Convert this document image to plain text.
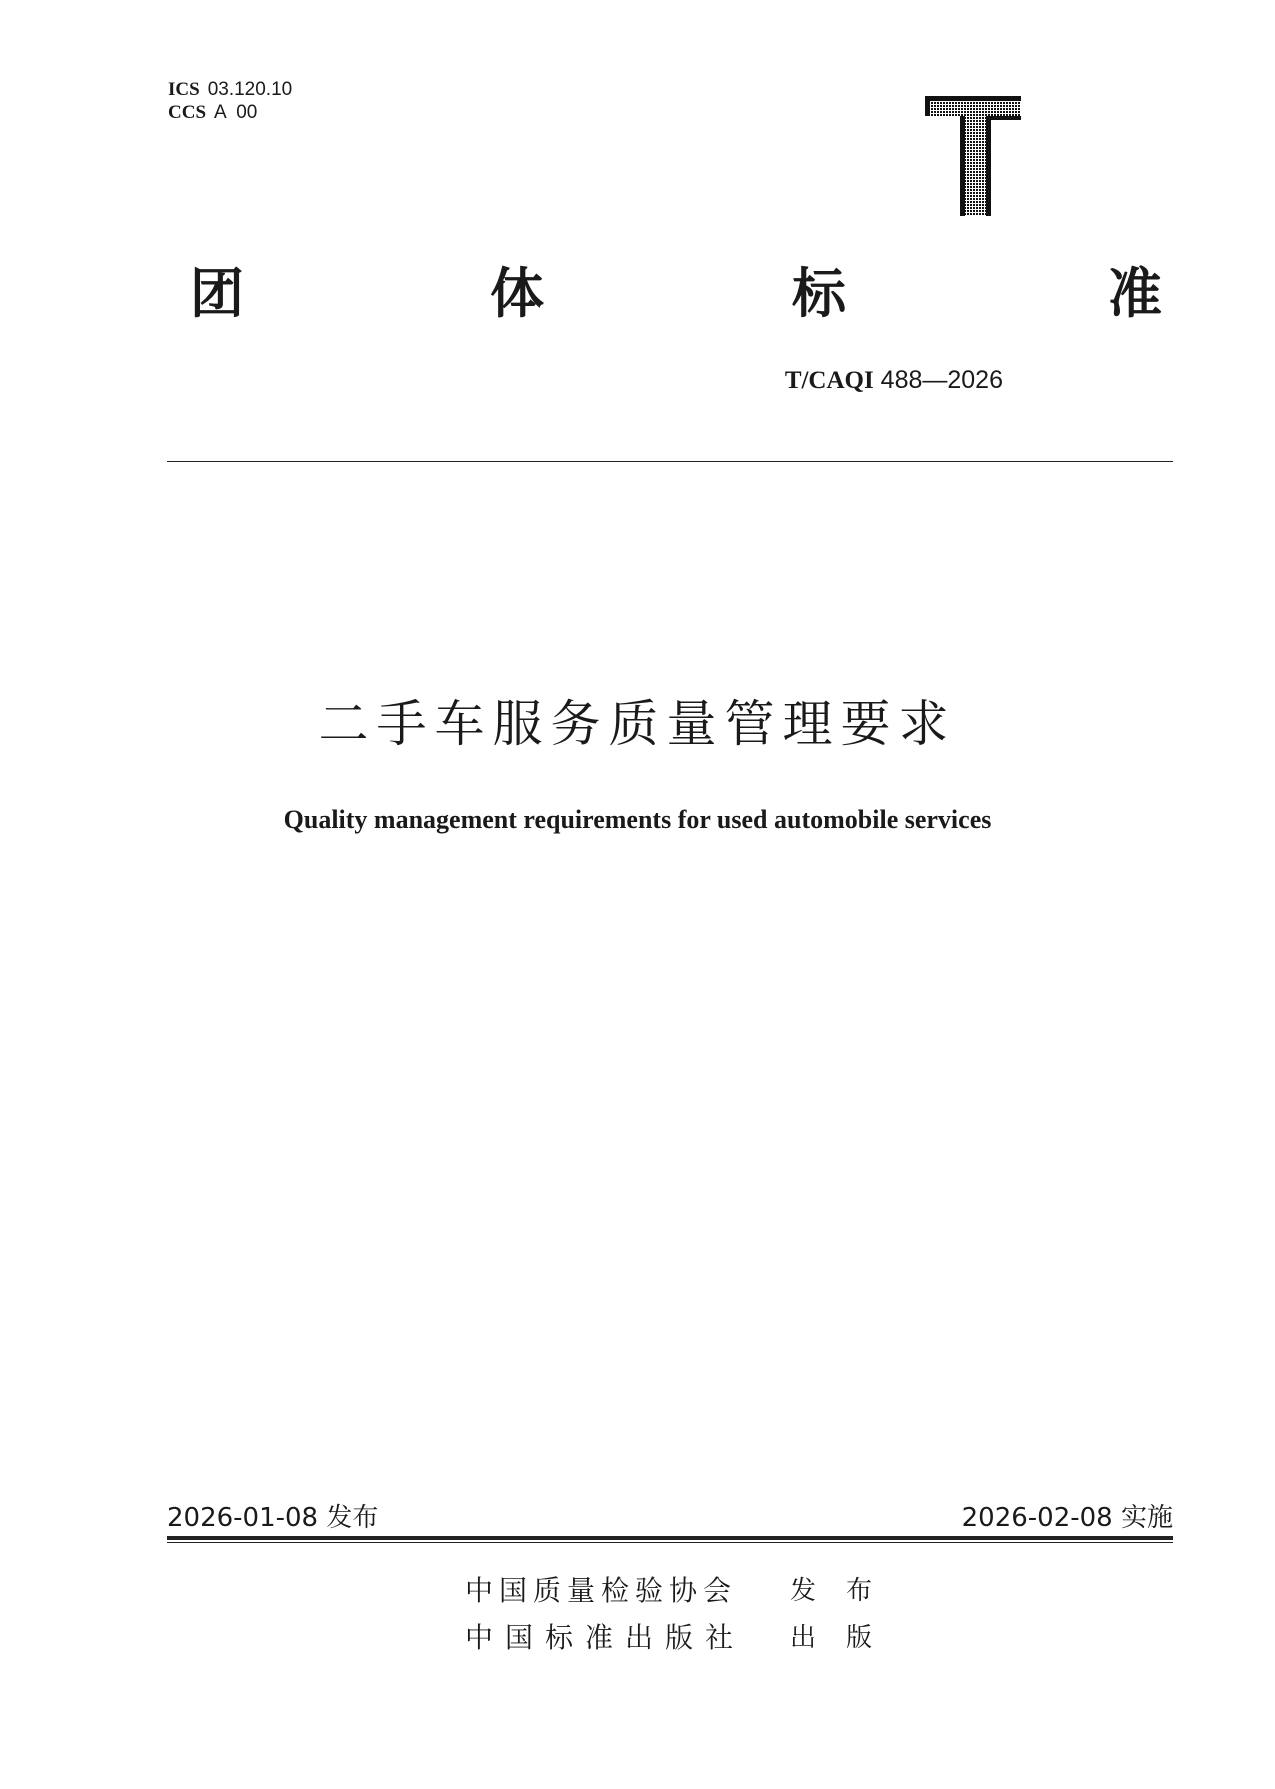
ICS 03.120.10
CCS A  00
团	体	标	准
T/CAQI 488—2026
二手车服务质量管理要求
Quality management requirements for used automobile services
2026-01-08 发布	2026-02-08 实施
中国质量检验协会 发布
中国标准出版社 出版
